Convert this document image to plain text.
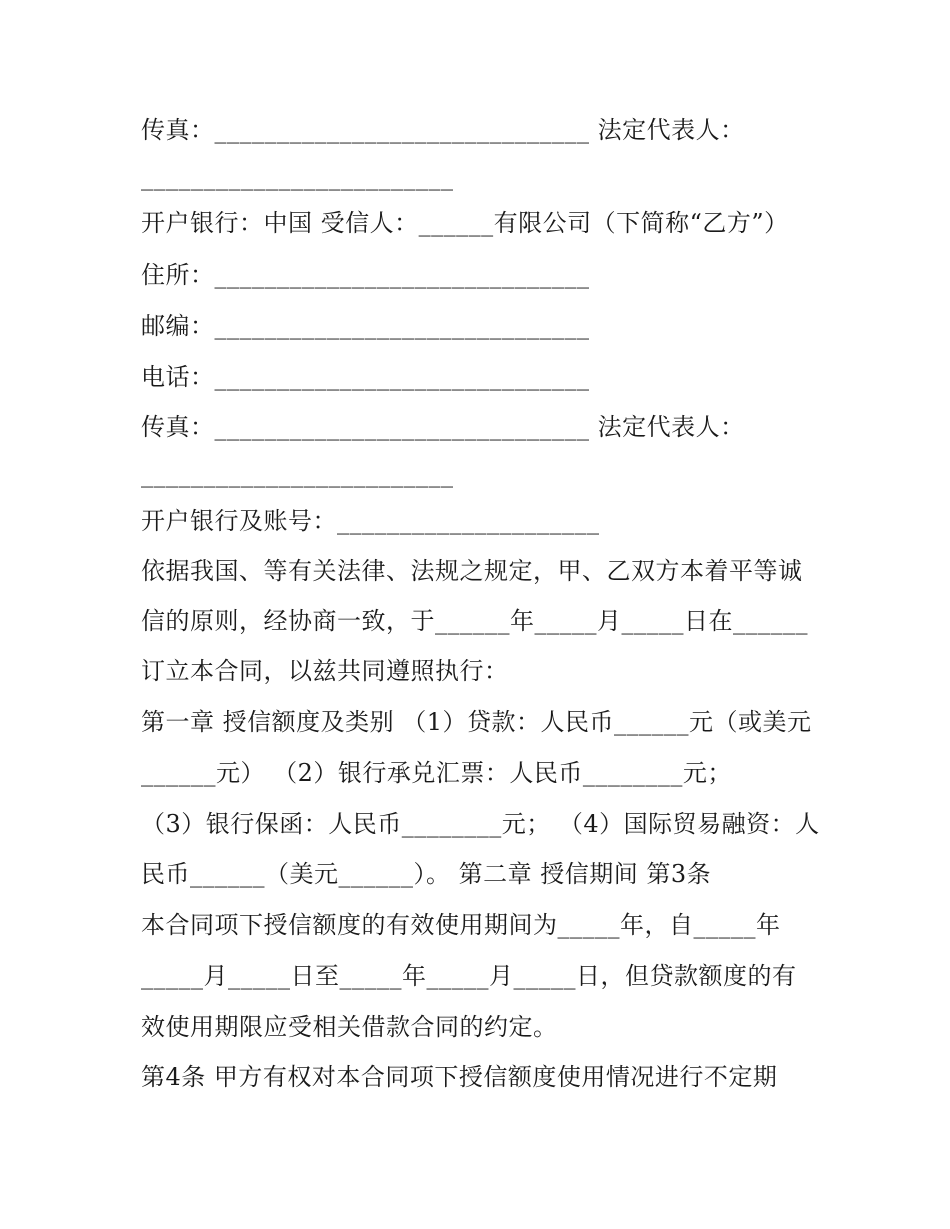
传真：______________________________ 法定代表人：
_________________________
开户银行：中国 受信人：______有限公司（下简称“乙方”）
住所：______________________________
邮编：______________________________
电话：______________________________
传真：______________________________ 法定代表人：
_________________________
开户银行及账号：_____________________
依据我国、等有关法律、法规之规定，甲、乙双方本着平等诚
信的原则，经协商一致，于______年_____月_____日在______
订立本合同，以兹共同遵照执行：
第一章 授信额度及类别 （1）贷款：人民币______元（或美元
______元） （2）银行承兑汇票：人民币________元；
（3）银行保函：人民币________元； （4）国际贸易融资：人
民币______（美元______）。 第二章 授信期间 第3条
本合同项下授信额度的有效使用期间为_____年，自_____年
_____月_____日至_____年_____月_____日，但贷款额度的有
效使用期限应受相关借款合同的约定。
第4条 甲方有权对本合同项下授信额度使用情况进行不定期
